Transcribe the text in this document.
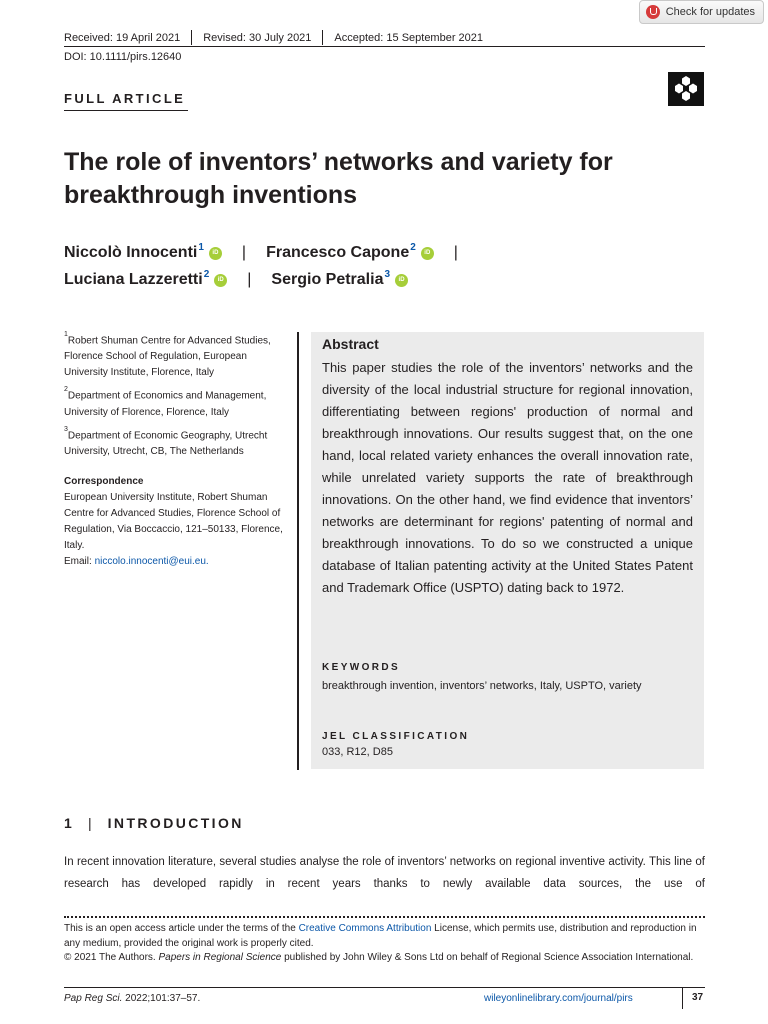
Check for updates
Received: 19 April 2021 Revised: 30 July 2021 Accepted: 15 September 2021
DOI: 10.1111/pirs.12640
FULL ARTICLE
The role of inventors’ networks and variety for breakthrough inventions
Niccolò Innocenti$^1$	iD | Francesco Capone$^2$	iD |
Luciana Lazzeretti$^2$	iD | Sergio Petralia$^3$	iD

$^1$Robert Shuman Centre for Advanced Studies, Florence School of Regulation, European University Institute, Florence, Italy

$^2$Department of Economics and Management, University of Florence, Florence, Italy

$^3$Department of Economic Geography, Utrecht University, Utrecht, CB, The Netherlands

Correspondence

European University Institute, Robert Shuman Centre for Advanced Studies, Florence School of Regulation, Via Boccaccio, 121–50133, Florence, Italy.
Email: niccolo.innocenti@eui.eu.

Abstract

This paper studies the role of the inventors’ networks and the diversity of the local industrial structure for regional innovation, differentiating between regions' production of normal and breakthrough innovations. Our results suggest that, on the one hand, local related variety enhances the overall innovation rate, while unrelated variety supports the rate of breakthrough innovations. On the other hand, we find evidence that inventors’ networks are determinant for regions' patenting of normal and breakthrough innovations. To do so we constructed a unique database of Italian patenting activity at the United States Patent and Trademark Office (USPTO) dating back to 1972.

KEYWORDS
breakthrough invention, inventors’ networks, Italy, USPTO, variety
JEL CLASSIFICATION
033, R12, D85
1 | INTRODUCTION

In recent innovation literature, several studies analyse the role of inventors’ networks on regional inventive activity. This line of research has developed rapidly in recent years thanks to newly available data sources, the use of

This is an open access article under the terms of the Creative Commons Attribution License, which permits use, distribution and reproduction in any medium, provided the original work is properly cited.

© 2021 The Authors. Papers in Regional Science published by John Wiley & Sons Ltd on behalf of Regional Science Association International.

Pap Reg Sci. 2022;101:37–57.	wileyonlinelibrary.com/journal/pirs	37
